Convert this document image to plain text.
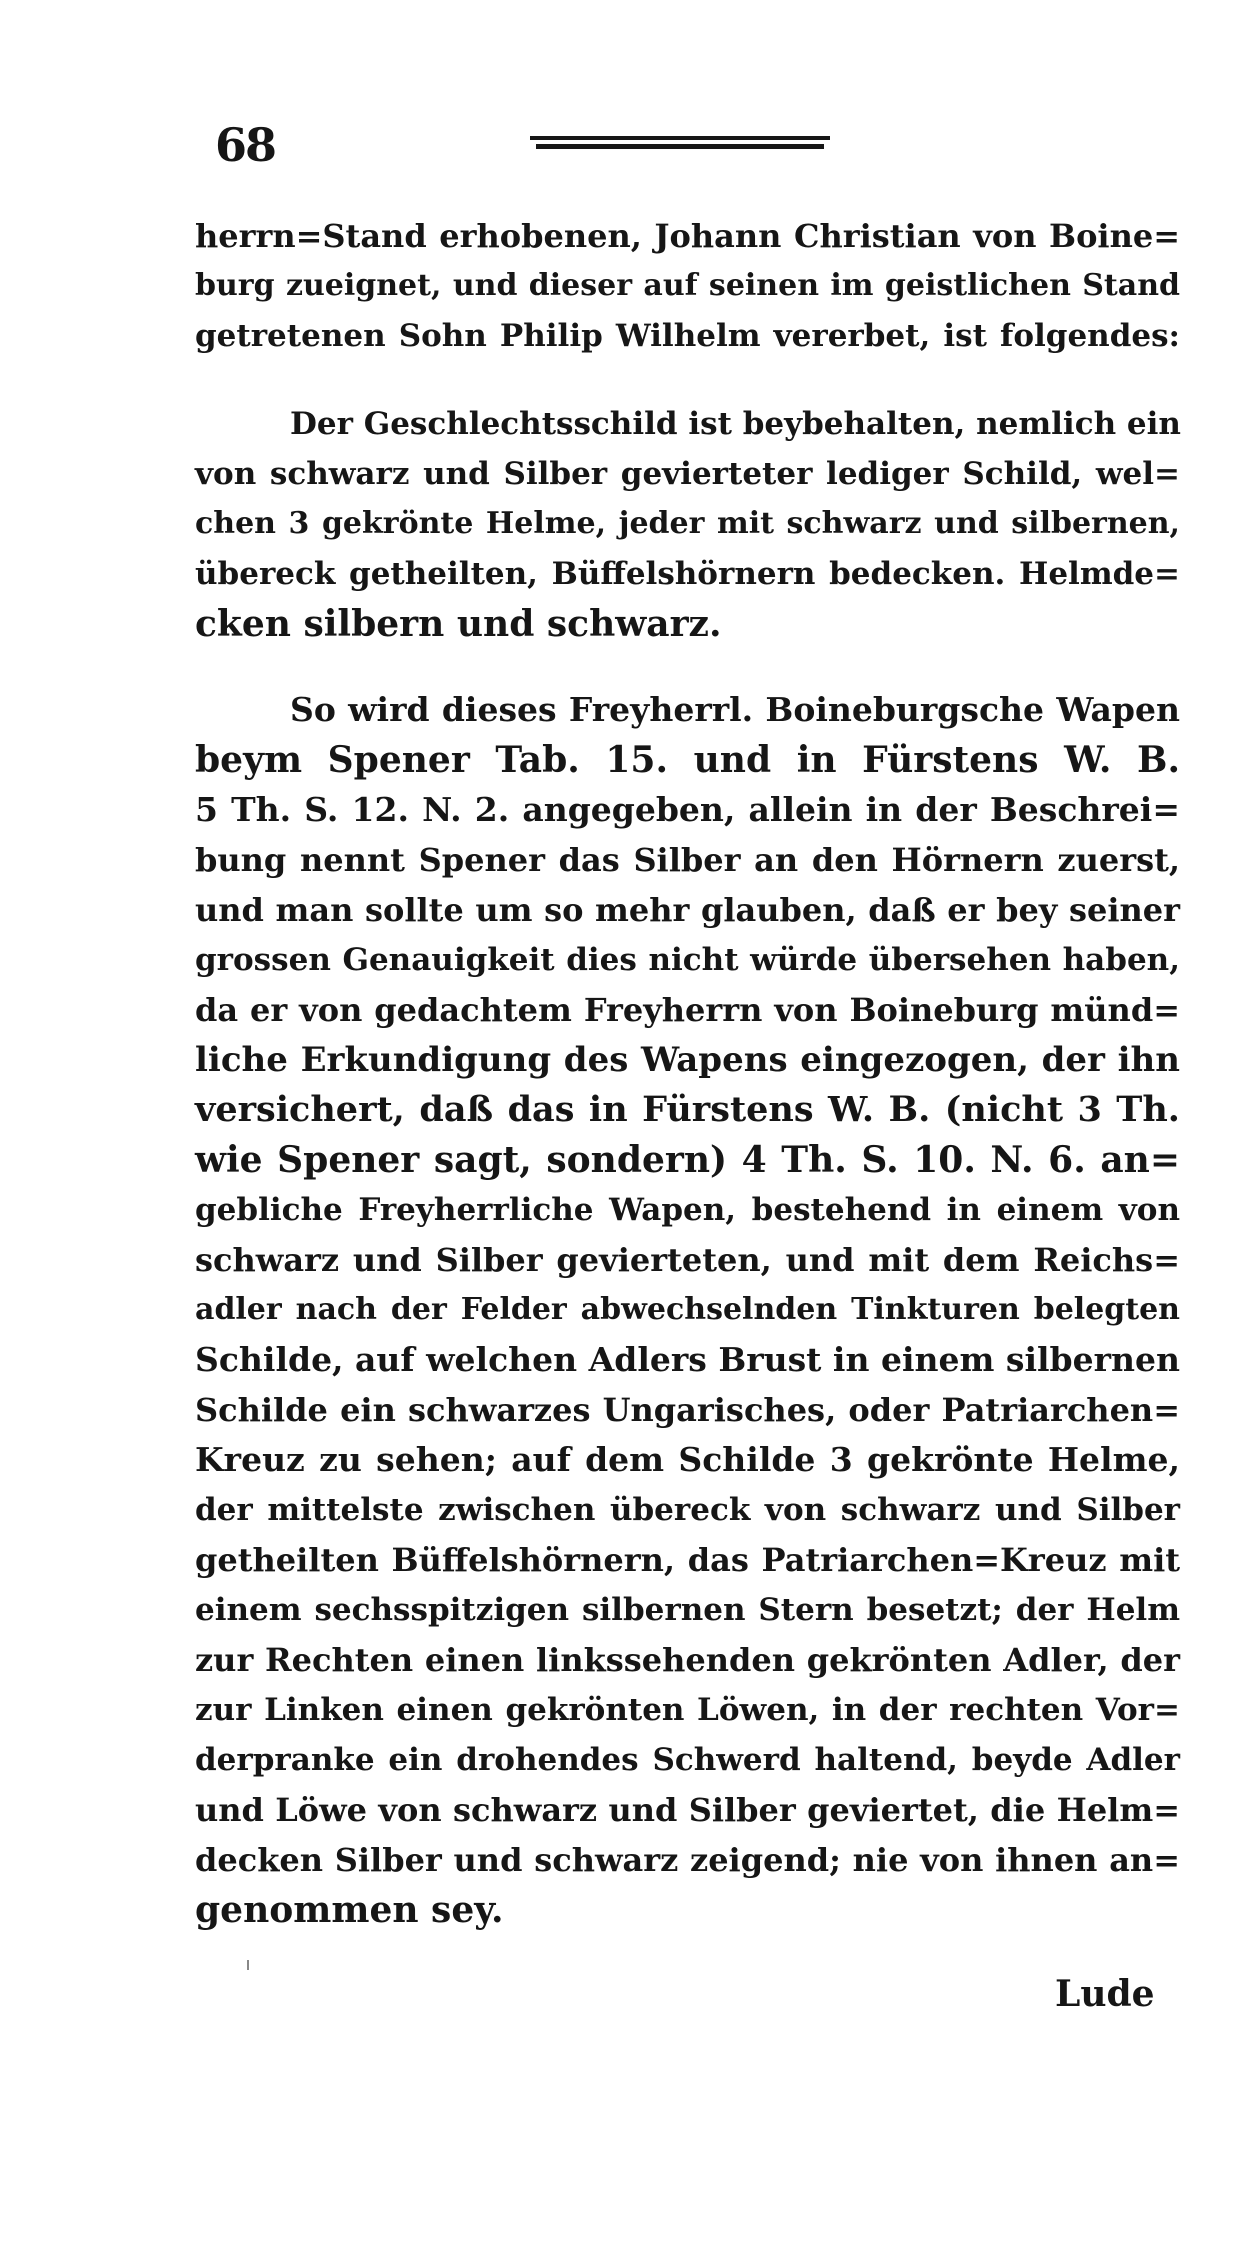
68
herrn=Stand erhobenen, Johann Christian von Boine=
burg zueignet, und dieser auf seinen im geistlichen Stand
getretenen Sohn Philip Wilhelm vererbet, ist folgendes:
Der Geschlechtsschild ist beybehalten, nemlich ein
von schwarz und Silber gevierteter lediger Schild, wel=
chen 3 gekrönte Helme, jeder mit schwarz und silbernen,
übereck getheilten, Büffelshörnern bedecken. Helmde=
cken silbern und schwarz.
So wird dieses Freyherrl. Boineburgsche Wapen
beym Spener Tab. 15. und in Fürstens W. B.
5 Th. S. 12. N. 2. angegeben, allein in der Beschrei=
bung nennt Spener das Silber an den Hörnern zuerst,
und man sollte um so mehr glauben, daß er bey seiner
grossen Genauigkeit dies nicht würde übersehen haben,
da er von gedachtem Freyherrn von Boineburg münd=
liche Erkundigung des Wapens eingezogen, der ihn
versichert, daß das in Fürstens W. B. (nicht 3 Th.
wie Spener sagt, sondern) 4 Th. S. 10. N. 6. an=
gebliche Freyherrliche Wapen, bestehend in einem von
schwarz und Silber gevierteten, und mit dem Reichs=
adler nach der Felder abwechselnden Tinkturen belegten
Schilde, auf welchen Adlers Brust in einem silbernen
Schilde ein schwarzes Ungarisches, oder Patriarchen=
Kreuz zu sehen; auf dem Schilde 3 gekrönte Helme,
der mittelste zwischen übereck von schwarz und Silber
getheilten Büffelshörnern, das Patriarchen=Kreuz mit
einem sechsspitzigen silbernen Stern besetzt; der Helm
zur Rechten einen linkssehenden gekrönten Adler, der
zur Linken einen gekrönten Löwen, in der rechten Vor=
derpranke ein drohendes Schwerd haltend, beyde Adler
und Löwe von schwarz und Silber geviertet, die Helm=
decken Silber und schwarz zeigend; nie von ihnen an=
genommen sey.
Lude
